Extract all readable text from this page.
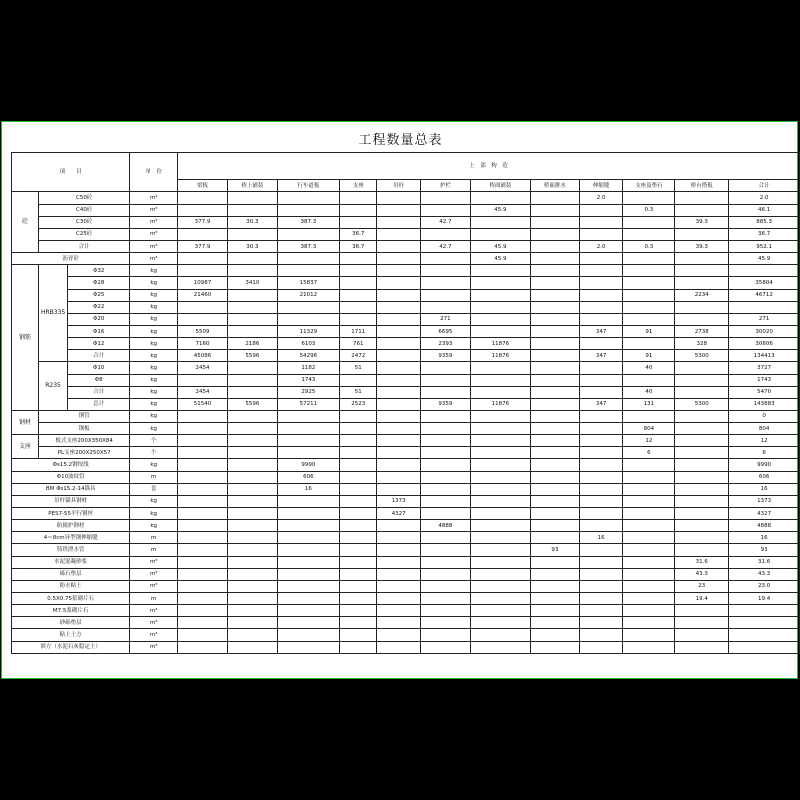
工程数量总表
项　　目			单　位	上　部　构　造											
				梁板	桥上铺装	行车道板	支座	吊杆	护栏	桥面铺装	桥面排水	伸缩缝	支座及垫石	桥台搭板	合计
砼	C50砼		m³									2.0			2.0
	C40砼		m³							45.9			0.3		46.1
	C30砼		m³	377.9	30.3	387.3			42.7					39.3	885.3
	C25砼		m³				36.7								36.7
	合计		m³	377.9	30.3	387.3	36.7		42.7	45.9		2.0	0.3	39.3	952.1
沥青砼			m³							45.9					45.9
钢筋	HRB335	Φ32	kg												
		Φ28	kg	10987	3410	15837									35804
		Φ25	kg	21460		21012								2234	46712
		Φ22	kg												
		Φ20	kg						271						271
		Φ16	kg	5509		11329	1711		6695			347	91	2738	30020
		Φ12	kg	7160	2186	6103	761		2393	11876				328	30606
		合计	kg	45086	5596	54296	2472		9359	11876		347	91	5300	134413
	R235	Φ10	kg	2454		1182	51						40		3727
		Φ8	kg			1743									1743
		合计	kg	2454		2925	51						40		5470
		总计	kg	51540	5596	57211	2523		9359	11876		347	131	5300	143883
钢材	钢管		kg												0
	钢板		kg										804		804
支座	板式支座200X350X84		个										12		12
	PL支座200X250X57		个										6		6
Φs15.2钢绞线			kg			9990									9990
Φ10波纹管			m			606									606
BM Φs15.2-14锚具			套			16									16
吊杆锚具钢材			kg					1373							1373
PES7-55平行钢丝			kg					4327							4327
防撞护钢材			kg						4888						4888
4＝8cm异型钢伸缩缝			m									16			16
铸铁泄水管			m								93				93
水泥混凝砂浆			m³											31.6	31.6
砾石垫层			m³											43.3	43.3
防水粘土			m³											23	23.0
0.5X0.75浆砌片石			m											19.4	19.4
M7.5浆砌片石			m³												
砂砾垫层			m³												
粘土土方			m³												
填方（水泥石灰稳定土）			m³												
